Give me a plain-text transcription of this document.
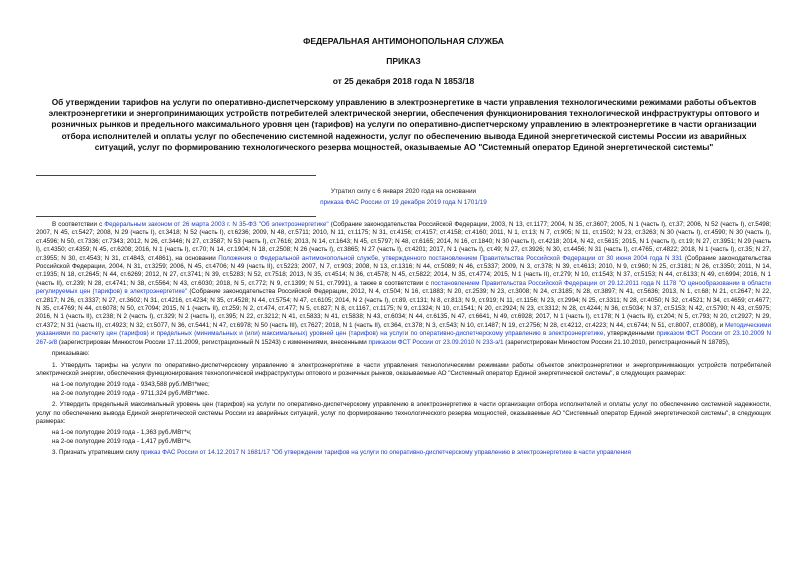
ФЕДЕРАЛЬНАЯ АНТИМОНОПОЛЬНАЯ СЛУЖБА
ПРИКАЗ
от 25 декабря 2018 года N 1853/18
Об утверждении тарифов на услуги по оперативно-диспетчерскому управлению в электроэнергетике в части управления технологическими режимами работы объектов электроэнергетики и энергопринимающих устройств потребителей электрической энергии, обеспечения функционирования технологической инфраструктуры оптового и розничных рынков и предельного максимального уровня цен (тарифов) на услуги по оперативно-диспетчерскому управлению в электроэнергетике в части организации отбора исполнителей и оплаты услуг по обеспечению системной надежности, услуг по обеспечению вывода Единой энергетической системы России из аварийных ситуаций, услуг по формированию технологического резерва мощностей, оказываемые АО "Системный оператор Единой энергетической системы"
Утратил силу с 6 января 2020 года на основании
приказа ФАС России от 19 декабря 2019 года N 1701/19

В соответствии с Федеральным законом от 26 марта 2003 г. N 35-ФЗ "Об электроэнергетике" (Собрание законодательства Российской Федерации, 2003, N 13, ст.1177; 2004, N 35, ст.3607; 2005, N 1 (часть I), ст.37; 2006, N 52 (часть I), ст.5498; 2007, N 45, ст.5427; 2008, N 29 (часть I), ст.3418; N 52 (часть I), ст.6236; 2009, N 48, ст.5711; 2010, N 11, ст.1175; N 31, ст.4156; ст.4157; ст.4158; ст.4160; 2011, N 1, ст.13; N 7, ст.905; N 11, ст.1502; N 23, ст.3263; N 30 (часть I), ст.4590; N 30 (часть I), ст.4596; N 50, ст.7336; ст.7343; 2012, N 26, ст.3446; N 27, ст.3587; N 53 (часть I), ст.7616; 2013, N 14, ст.1643; N 45, ст.5797; N 48, ст.6165; 2014, N 16, ст.1840; N 30 (часть I), ст.4218; 2014, N 42, ст.5615; 2015, N 1 (часть I), ст.19; N 27, ст.3951; N 29 (часть I), ст.4350; ст.4359; N 45, ст.6208; 2016, N 1 (часть I), ст.70; N 14, ст.1904; N 18, ст.2508; N 26 (часть I), ст.3865; N 27 (часть I), ст.4201; 2017, N 1 (часть I), ст.49; N 27, ст.3926; N 30, ст.4456; N 31 (часть I), ст.4765, ст.4822; 2018, N 1 (часть I), ст.35; N 27, ст.3955; N 30, ст.4543; N 31, ст.4843, ст.4861), на основании Положения о Федеральной антимонопольной службе, утвержденного постановлением Правительства Российской Федерации от 30 июня 2004 года N 331 (Собрание законодательства Российской Федерации, 2004, N 31, ст.3259; 2006, N 45, ст.4706; N 49 (часть II), ст.5223; 2007, N 7, ст.903; 2008, N 13, ст.1316; N 44, ст.5089; N 46, ст.5337; 2009, N 3, ст.378; N 39, ст.4613; 2010, N 9, ст.960; N 25, ст.3181; N 26, ст.3350; 2011, N 14, ст.1935; N 18, ст.2645; N 44, ст.6269; 2012, N 27, ст.3741; N 39, ст.5283; N 52, ст.7518; 2013, N 35, ст.4514; N 36, ст.4578; N 45, ст.5822; 2014, N 35, ст.4774; 2015, N 1 (часть II), ст.279; N 10, ст.1543; N 37, ст.5153; N 44, ст.6133; N 49, ст.6994; 2016, N 1 (часть II), ст.239; N 28, ст.4741; N 38, ст.5564; N 43, ст.6030; 2018, N 5, ст.772; N 9, ст.1399; N 51, ст.7991), а также в соответствии с постановлением Правительства Российской Федерации от 29.12.2011 года N 1178 "О ценообразовании в области регулируемых цен (тарифов) в электроэнергетике" (Собрание законодательства Российской Федерации, 2012, N 4, ст.504; N 16, ст.1883; N 20, ст.2539; N 23, ст.3008; N 24, ст.3185; N 28, ст.3897; N 41, ст.5636; 2013, N 1, ст.68; N 21, ст.2647; N 22, ст.2817; N 26, ст.3337; N 27, ст.3602; N 31, ст.4216, ст.4234; N 35, ст.4528; N 44, ст.5754; N 47, ст.6105; 2014, N 2 (часть I), ст.89, ст.131; N 8, ст.813; N 9, ст.919; N 11, ст.1156; N 23, ст.2994; N 25, ст.3311; N 28, ст.4050; N 32, ст.4521; N 34, ст.4659; ст.4677; N 35, ст.4769; N 44, ст.6078; N 50, ст.7094; 2015, N 1 (часть II), ст.259; N 2, ст.474, ст.477; N 5, ст.827; N 8, ст.1167, ст.1175; N 9, ст.1324; N 10, ст.1541; N 20, ст.2924; N 23, ст.3312; N 28, ст.4244; N 36, ст.5034; N 37, ст.5153; N 42, ст.5790; N 43, ст.5975; 2016, N 1 (часть II), ст.238; N 2 (часть I), ст.329; N 2 (часть I), ст.395; N 22, ст.3212; N 41, ст.5833; N 41, ст.5838; N 43, ст.6034; N 44, ст.6135, N 47, ст.6641, N 49, ст.6928; 2017, N 1 (часть I), ст.178; N 1 (часть II), ст.204; N 5, ст.793; N 20, ст.2927; N 29, ст.4372; N 31 (часть II), ст.4923; N 32, ст.5077, N 36, ст.5441; N 47, ст.6978; N 50 (часть III), ст.7627; 2018, N 1 (часть II), ст.364, ст.378; N 3, ст.543; N 10, ст.1487; N 19, ст.2756; N 28, ст.4212, ст.4223; N 44, ст.6744; N 51, ст.8007, ст.8008), и Методическими указаниями по расчету цен (тарифов) и предельных (минимальных и (или) максимальных) уровней цен (тарифов) на услуги по оперативно-диспетчерскому управлению в электроэнергетике, утвержденными приказом ФСТ России от 23.10.2009 N 267-э/8 (зарегистрирован Минюстом России 17.11.2009, регистрационный N 15243) с изменениями, внесенными приказом ФСТ России от 23.09.2010 N 233-э/1 (зарегистрирован Минюстом России 21.10.2010, регистрационный N 18785),

приказываю:

1. Утвердить тарифы на услуги по оперативно-диспетчерскому управлению в электроэнергетике в части управления технологическими режимами работы объектов электроэнергетики и энергопринимающих устройств потребителей электрической энергии, обеспечения функционирования технологической инфраструктуры оптового и розничных рынков, оказываемые АО "Системный оператор Единой энергетической системы", в следующих размерах:

на 1-ое полугодие 2019 года - 9343,588 руб./МВт*мес;

на 2-ое полугодие 2019 года - 9711,324 руб./МВт*мес.

2. Утвердить предельный максимальный уровень цен (тарифов) на услуги по оперативно-диспетчерскому управлению в электроэнергетике в части организации отбора исполнителей и оплаты услуг по обеспечению системной надежности, услуг по обеспечению вывода Единой энергетической системы России из аварийных ситуаций, услуг по формированию технологического резерва мощностей, оказываемые АО "Системный оператор Единой энергетической системы", в следующих размерах:

на 1-ое полугодие 2019 года - 1,363 руб./МВт*ч;

на 2-ое полугодие 2019 года - 1,417 руб./МВт*ч.

3. Признать утратившим силу приказ ФАС России от 14.12.2017 N 1681/17 "Об утверждении тарифов на услуги по оперативно-диспетчерскому управлению в электроэнергетике в части управления
